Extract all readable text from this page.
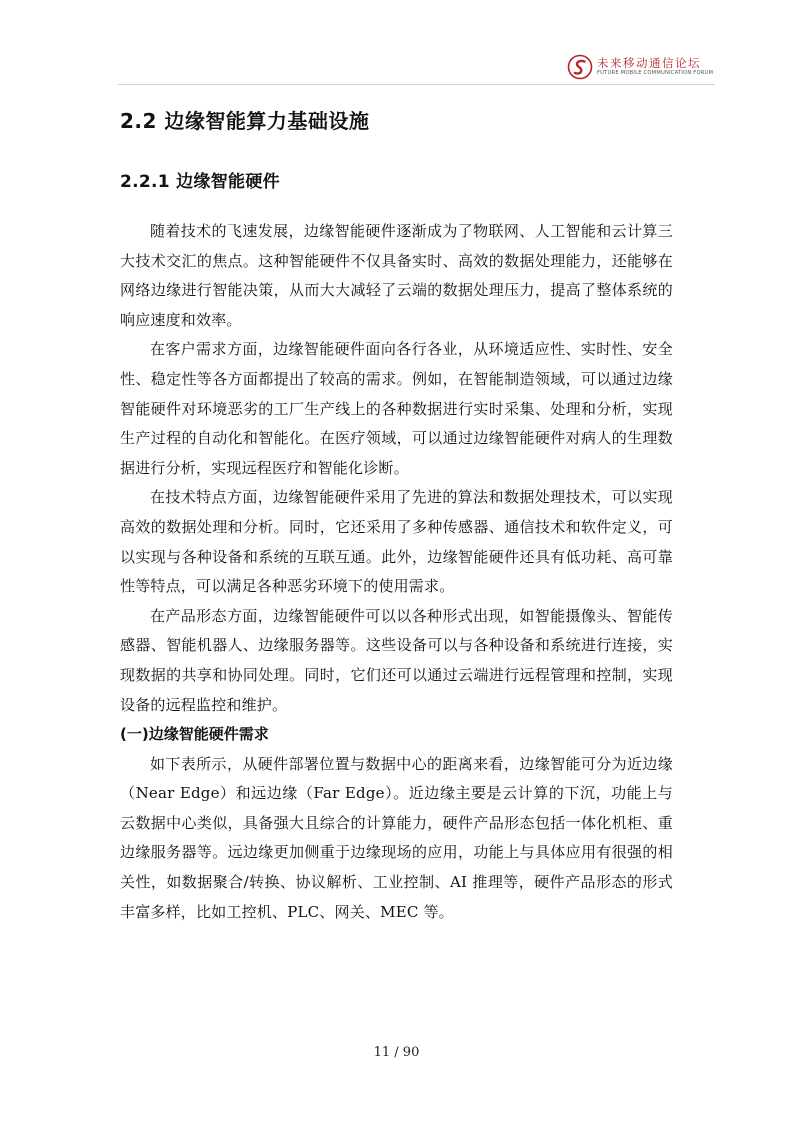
未来移动通信论坛
FUTURE MOBILE COMMUNICATION FORUM
2.2 边缘智能算力基础设施
2.2.1 边缘智能硬件

随着技术的飞速发展，边缘智能硬件逐渐成为了物联网、人工智能和云计算三大技术交汇的焦点。这种智能硬件不仅具备实时、高效的数据处理能力，还能够在网络边缘进行智能决策，从而大大减轻了云端的数据处理压力，提高了整体系统的响应速度和效率。

在客户需求方面，边缘智能硬件面向各行各业，从环境适应性、实时性、安全性、稳定性等各方面都提出了较高的需求。例如，在智能制造领域，可以通过边缘智能硬件对环境恶劣的工厂生产线上的各种数据进行实时采集、处理和分析，实现生产过程的自动化和智能化。在医疗领域，可以通过边缘智能硬件对病人的生理数据进行分析，实现远程医疗和智能化诊断。

在技术特点方面，边缘智能硬件采用了先进的算法和数据处理技术，可以实现高效的数据处理和分析。同时，它还采用了多种传感器、通信技术和软件定义，可以实现与各种设备和系统的互联互通。此外，边缘智能硬件还具有低功耗、高可靠性等特点，可以满足各种恶劣环境下的使用需求。

在产品形态方面，边缘智能硬件可以以各种形式出现，如智能摄像头、智能传感器、智能机器人、边缘服务器等。这些设备可以与各种设备和系统进行连接，实现数据的共享和协同处理。同时，它们还可以通过云端进行远程管理和控制，实现设备的远程监控和维护。

(一)边缘智能硬件需求

如下表所示，从硬件部署位置与数据中心的距离来看，边缘智能可分为近边缘（Near Edge）和远边缘（Far Edge）。近边缘主要是云计算的下沉，功能上与云数据中心类似，具备强大且综合的计算能力，硬件产品形态包括一体化机柜、重边缘服务器等。远边缘更加侧重于边缘现场的应用，功能上与具体应用有很强的相关性，如数据聚合/转换、协议解析、工业控制、AI 推理等，硬件产品形态的形式丰富多样，比如工控机、PLC、网关、MEC 等。

11 / 90
